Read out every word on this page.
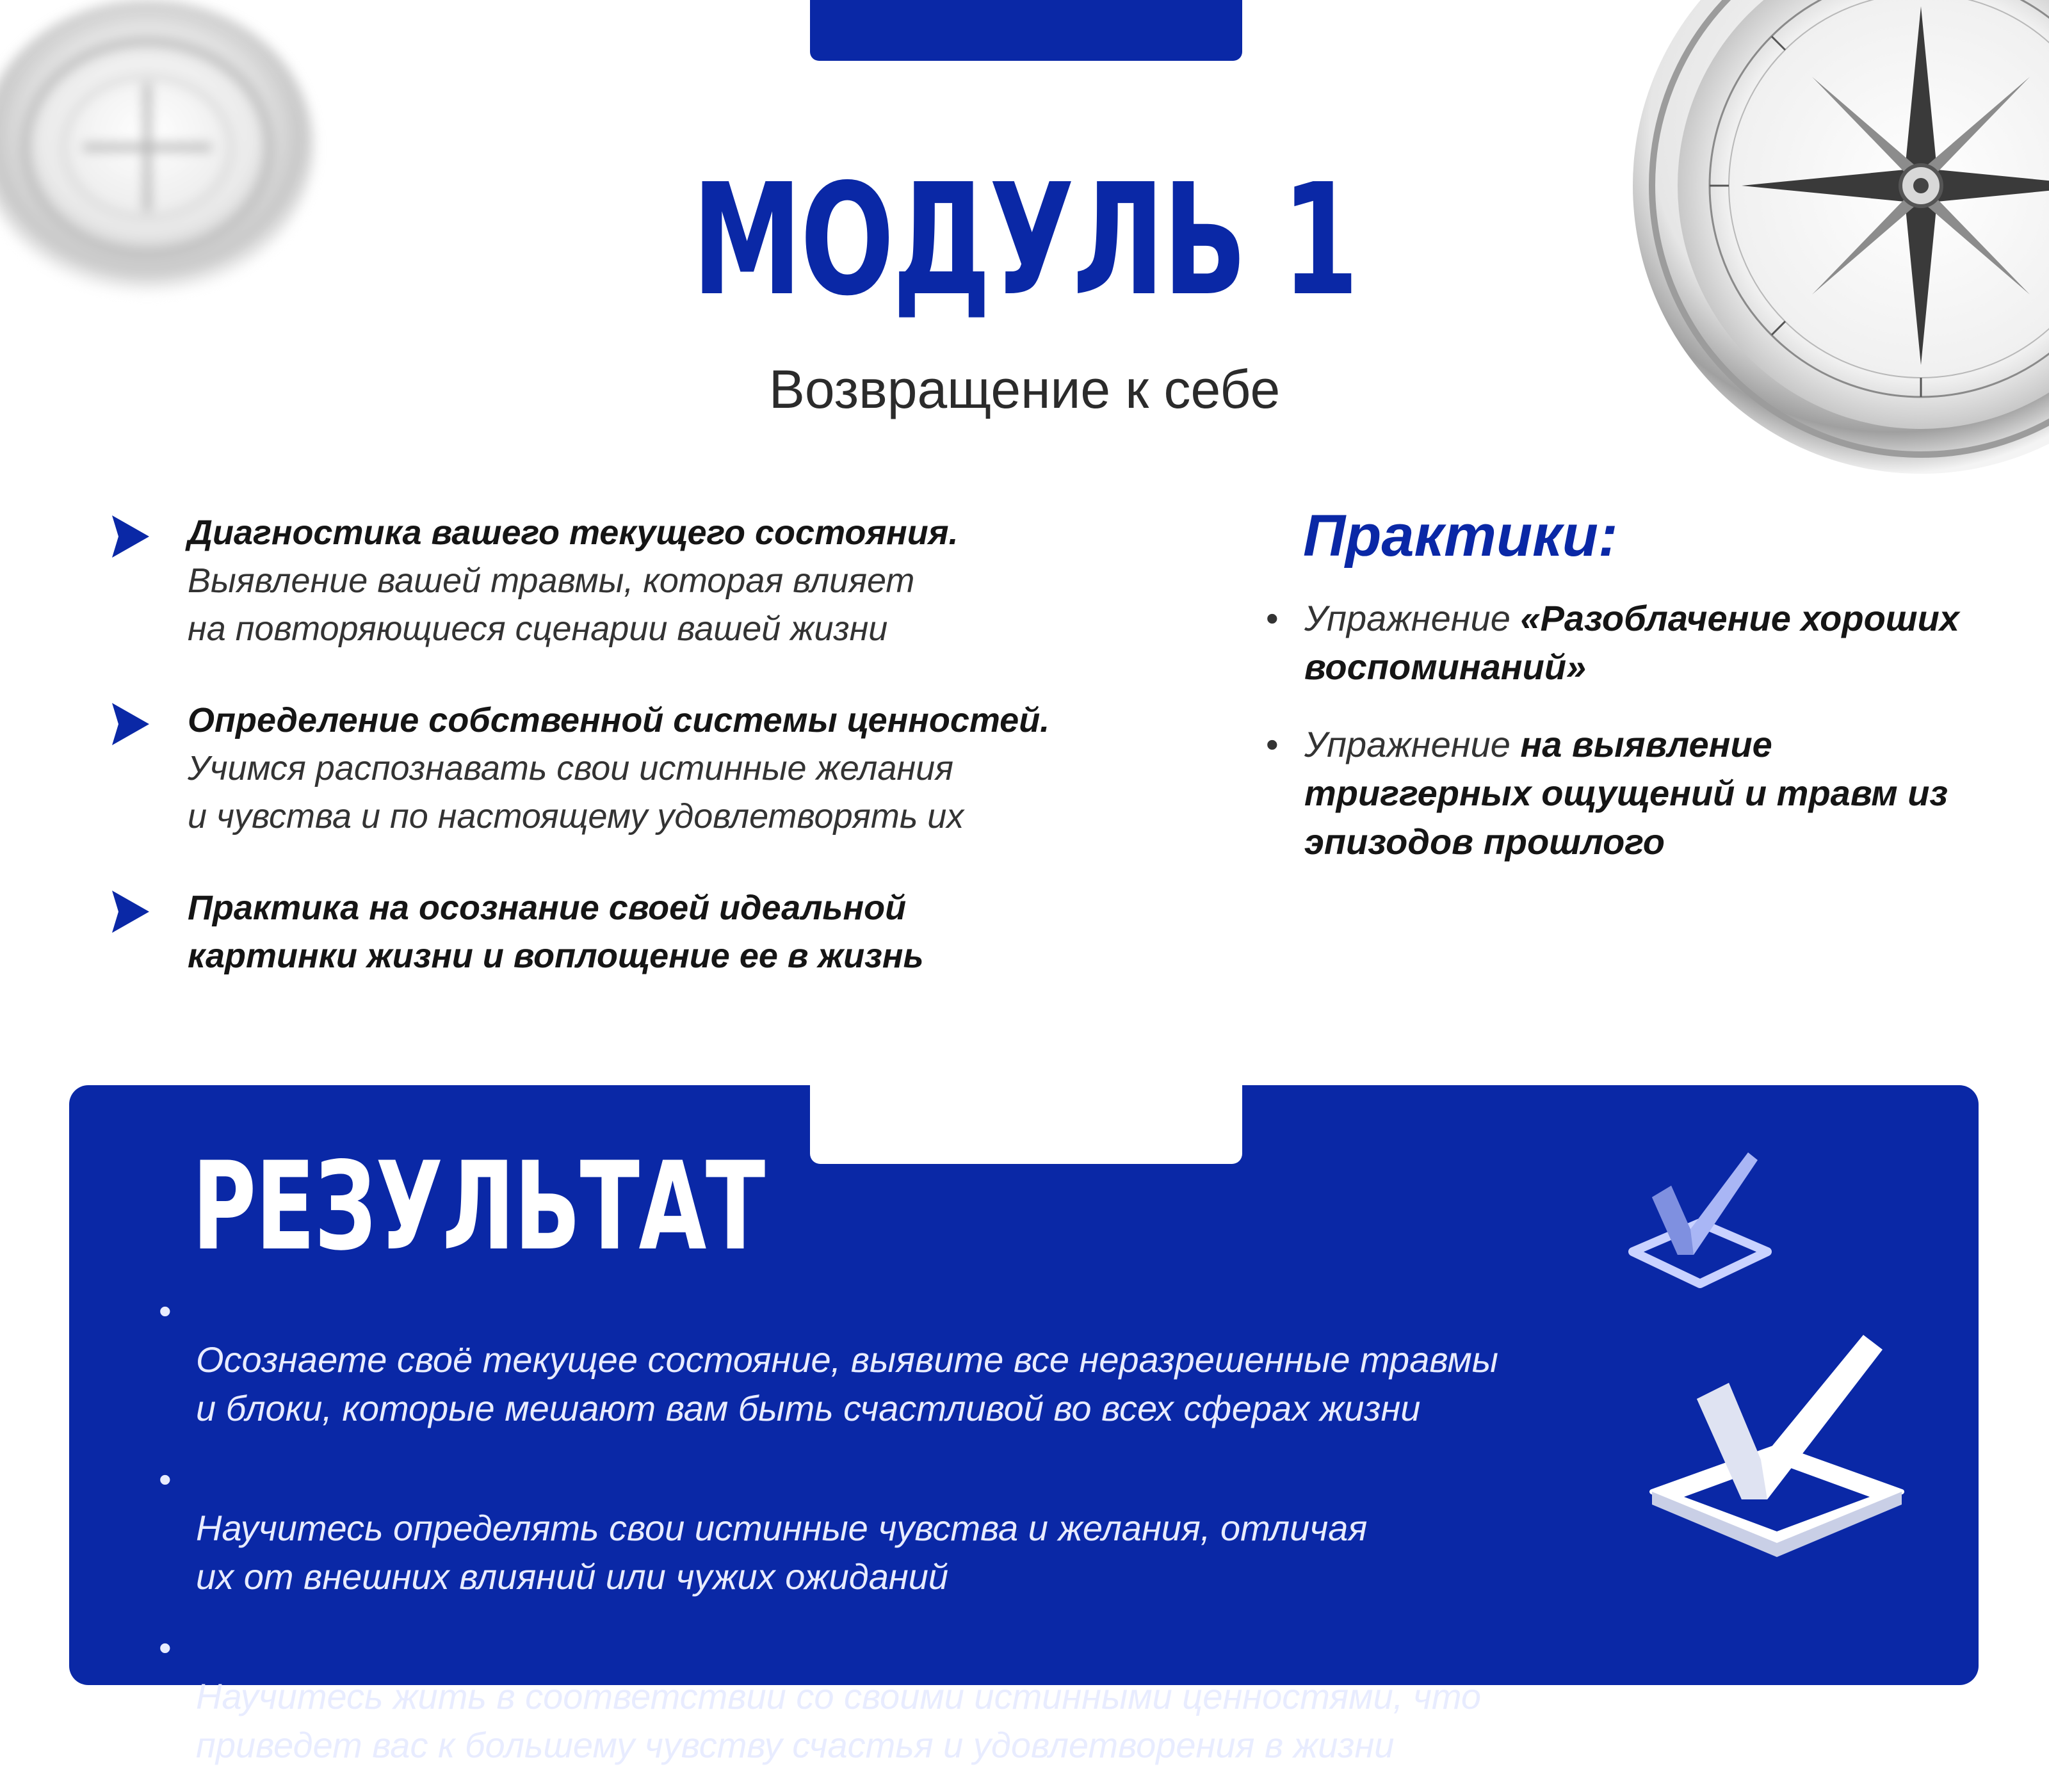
МОДУЛЬ 1
Возвращение к себе
Диагностика вашего текущего состояния.
Выявление вашей травмы, которая влияет
на повторяющиеся сценарии вашей жизни
Определение собственной системы ценностей.
Учимся распознавать свои истинные желания
и чувства и по настоящему удовлетворять их
Практика на осознание своей идеальной
картинки жизни и воплощение ее в жизнь
Практики:
• Упражнение «Разоблачение хороших воспоминаний»
• Упражнение на выявление триггерных ощущений и травм из эпизодов прошлого
РЕЗУЛЬТАТ

•
Осознаете своё текущее состояние, выявите все неразрешенные травмы
и блоки, которые мешают вам быть счастливой во всех сферах жизни

•
Научитесь определять свои истинные чувства и желания, отличая
их от внешних влияний или чужих ожиданий

•
Научитесь жить в соответствии со своими истинными ценностями, что
приведет вас к большему чувству счастья и удовлетворения в жизни
